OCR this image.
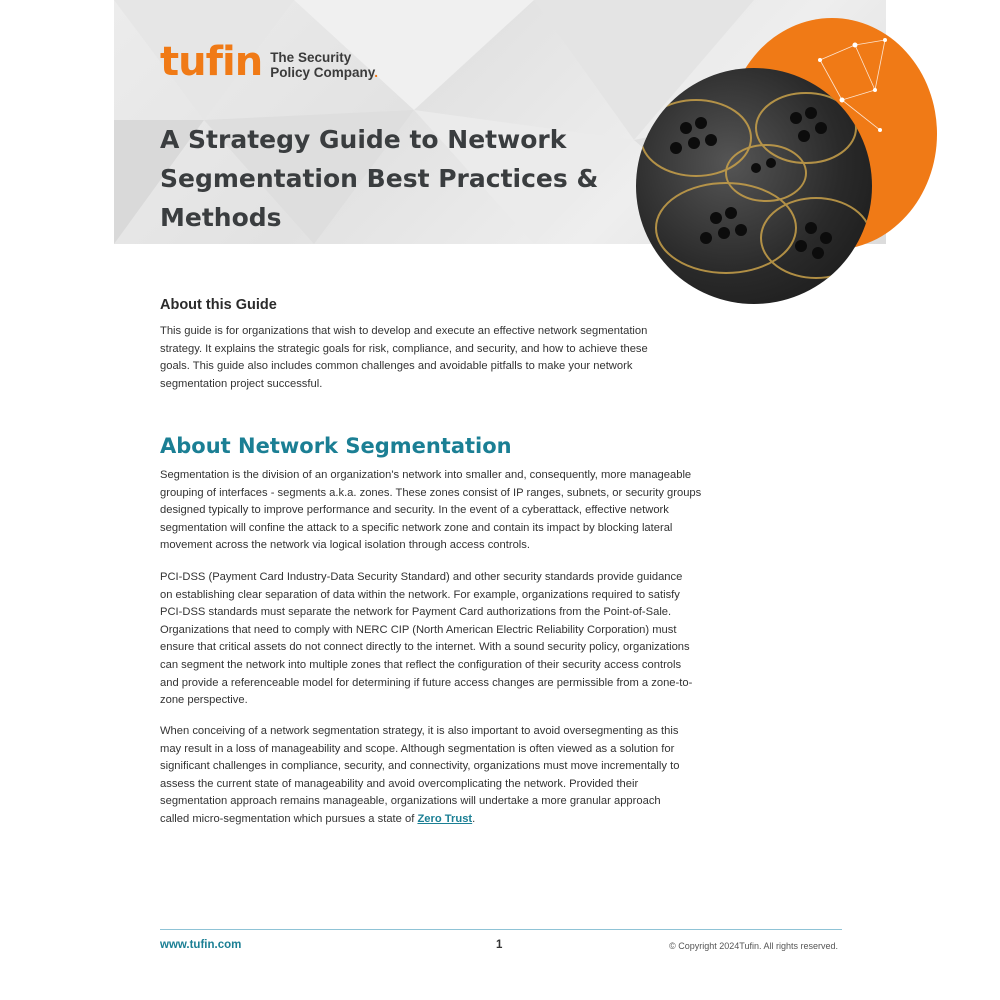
tufin The Security
Policy Company.
A Strategy Guide to Network Segmentation Best Practices & Methods
About this Guide

This guide is for organizations that wish to develop and execute an effective network segmentation strategy. It explains the strategic goals for risk, compliance, and security, and how to achieve these goals. This guide also includes common challenges and avoidable pitfalls to make your network segmentation project successful.

About Network Segmentation

Segmentation is the division of an organization's network into smaller and, consequently, more manageable grouping of interfaces - segments a.k.a. zones. These zones consist of IP ranges, subnets, or security groups designed typically to improve performance and security. In the event of a cyberattack, effective network segmentation will confine the attack to a specific network zone and contain its impact by blocking lateral movement across the network via logical isolation through access controls.

PCI-DSS (Payment Card Industry-Data Security Standard) and other security standards provide guidance on establishing clear separation of data within the network. For example, organizations required to satisfy PCI-DSS standards must separate the network for Payment Card authorizations from the Point-of-Sale. Organizations that need to comply with NERC CIP (North American Electric Reliability Corporation) must ensure that critical assets do not connect directly to the internet. With a sound security policy, organizations can segment the network into multiple zones that reflect the configuration of their security access controls and provide a referenceable model for determining if future access changes are permissible from a zone-to-zone perspective.

When conceiving of a network segmentation strategy, it is also important to avoid oversegmenting as this may result in a loss of manageability and scope. Although segmentation is often viewed as a solution for significant challenges in compliance, security, and connectivity, organizations must move incrementally to assess the current state of manageability and avoid overcomplicating the network. Provided their segmentation approach remains manageable, organizations will undertake a more granular approach called micro-segmentation which pursues a state of Zero Trust.

www.tufin.com	1	© Copyright 2024Tufin. All rights reserved.
